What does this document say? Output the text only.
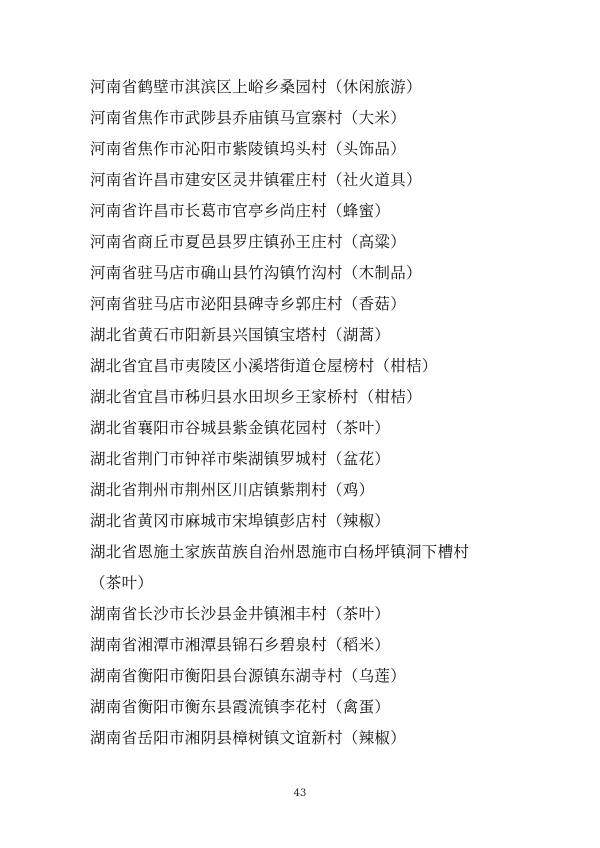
河南省鹤壁市淇滨区上峪乡桑园村（休闲旅游）
河南省焦作市武陟县乔庙镇马宣寨村（大米）
河南省焦作市沁阳市紫陵镇坞头村（头饰品）
河南省许昌市建安区灵井镇霍庄村（社火道具）
河南省许昌市长葛市官亭乡尚庄村（蜂蜜）
河南省商丘市夏邑县罗庄镇孙王庄村（高粱）
河南省驻马店市确山县竹沟镇竹沟村（木制品）
河南省驻马店市泌阳县碑寺乡郭庄村（香菇）
湖北省黄石市阳新县兴国镇宝塔村（湖蒿）
湖北省宜昌市夷陵区小溪塔街道仓屋榜村（柑桔）
湖北省宜昌市秭归县水田坝乡王家桥村（柑桔）
湖北省襄阳市谷城县紫金镇花园村（茶叶）
湖北省荆门市钟祥市柴湖镇罗城村（盆花）
湖北省荆州市荆州区川店镇紫荆村（鸡）
湖北省黄冈市麻城市宋埠镇彭店村（辣椒）
湖北省恩施土家族苗族自治州恩施市白杨坪镇洞下槽村（茶叶）
湖南省长沙市长沙县金井镇湘丰村（茶叶）
湖南省湘潭市湘潭县锦石乡碧泉村（稻米）
湖南省衡阳市衡阳县台源镇东湖寺村（乌莲）
湖南省衡阳市衡东县霞流镇李花村（禽蛋）
湖南省岳阳市湘阴县樟树镇文谊新村（辣椒）
43
